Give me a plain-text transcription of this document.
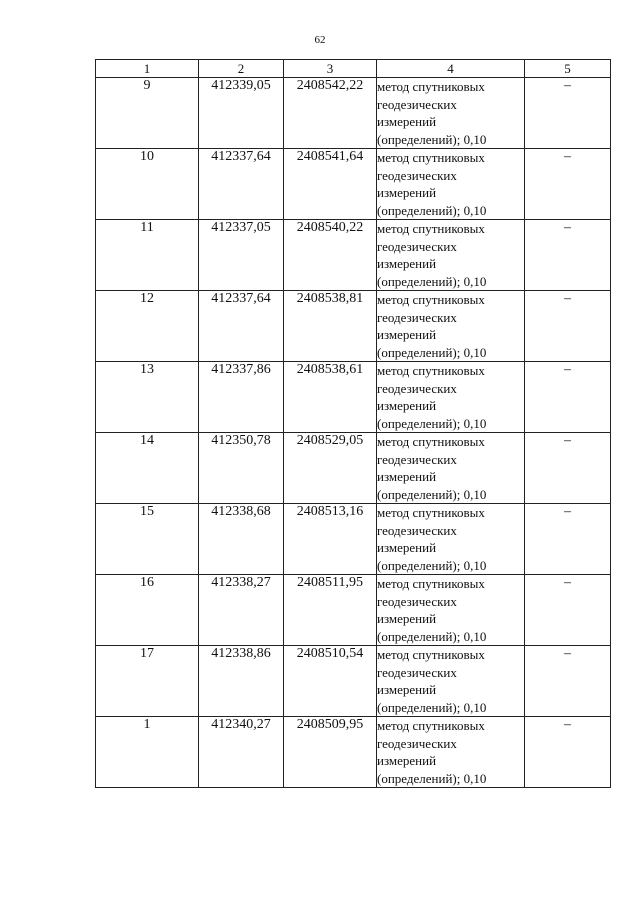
62
1	2	3	4	5
9	412339,05	2408542,22	метод спутниковых
геодезических
измерений
(определений); 0,10	–
10	412337,64	2408541,64	метод спутниковых
геодезических
измерений
(определений); 0,10	–
11	412337,05	2408540,22	метод спутниковых
геодезических
измерений
(определений); 0,10	–
12	412337,64	2408538,81	метод спутниковых
геодезических
измерений
(определений); 0,10	–
13	412337,86	2408538,61	метод спутниковых
геодезических
измерений
(определений); 0,10	–
14	412350,78	2408529,05	метод спутниковых
геодезических
измерений
(определений); 0,10	–
15	412338,68	2408513,16	метод спутниковых
геодезических
измерений
(определений); 0,10	–
16	412338,27	2408511,95	метод спутниковых
геодезических
измерений
(определений); 0,10	–
17	412338,86	2408510,54	метод спутниковых
геодезических
измерений
(определений); 0,10	–
1	412340,27	2408509,95	метод спутниковых
геодезических
измерений
(определений); 0,10	–
